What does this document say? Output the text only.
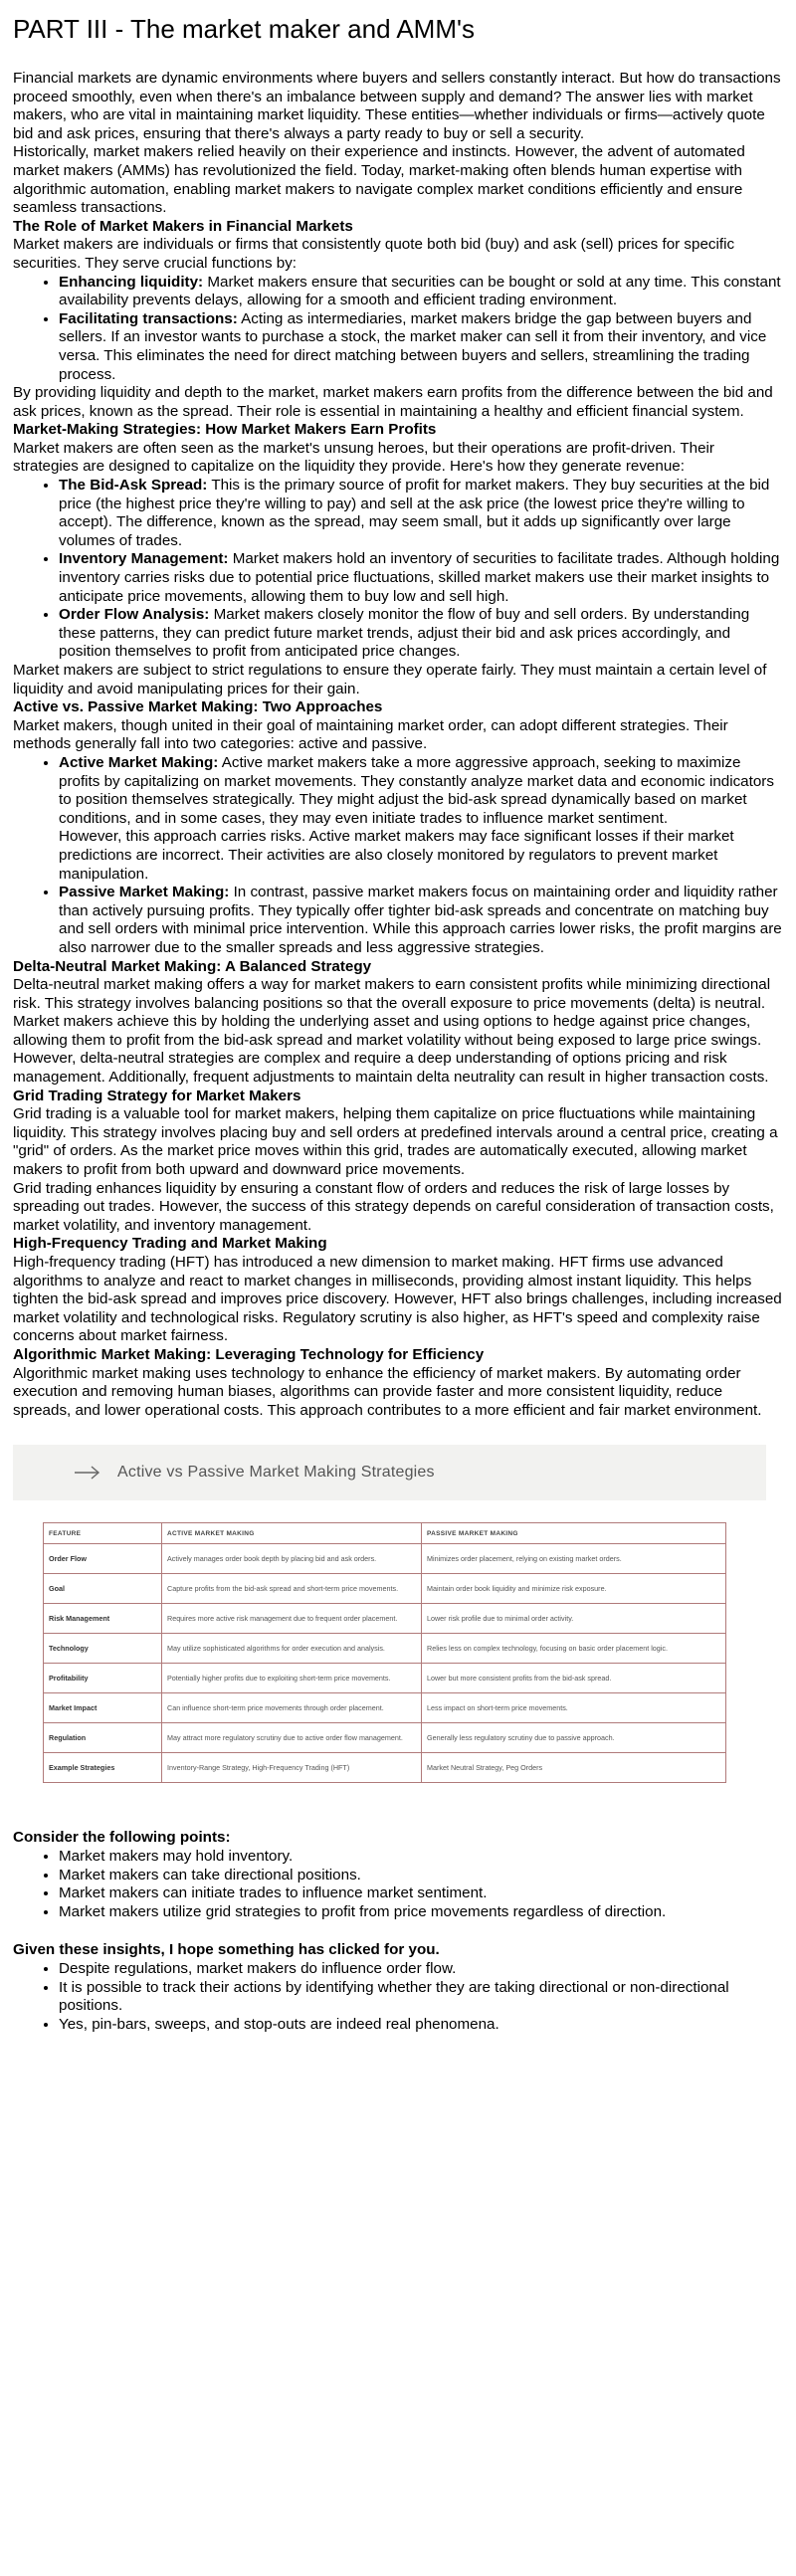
PART III - The market maker and AMM's

Financial markets are dynamic environments where buyers and sellers constantly interact. But how do transactions proceed smoothly, even when there's an imbalance between supply and demand? The answer lies with market makers, who are vital in maintaining market liquidity. These entities—whether individuals or firms—actively quote bid and ask prices, ensuring that there's always a party ready to buy or sell a security.

Historically, market makers relied heavily on their experience and instincts. However, the advent of automated market makers (AMMs) has revolutionized the field. Today, market-making often blends human expertise with algorithmic automation, enabling market makers to navigate complex market conditions efficiently and ensure seamless transactions.

The Role of Market Makers in Financial Markets

Market makers are individuals or firms that consistently quote both bid (buy) and ask (sell) prices for specific securities. They serve crucial functions by:

• Enhancing liquidity: Market makers ensure that securities can be bought or sold at any time. This constant availability prevents delays, allowing for a smooth and efficient trading environment.
• Facilitating transactions: Acting as intermediaries, market makers bridge the gap between buyers and sellers. If an investor wants to purchase a stock, the market maker can sell it from their inventory, and vice versa. This eliminates the need for direct matching between buyers and sellers, streamlining the trading process.

By providing liquidity and depth to the market, market makers earn profits from the difference between the bid and ask prices, known as the spread. Their role is essential in maintaining a healthy and efficient financial system.

Market-Making Strategies: How Market Makers Earn Profits

Market makers are often seen as the market's unsung heroes, but their operations are profit-driven. Their strategies are designed to capitalize on the liquidity they provide. Here's how they generate revenue:

• The Bid-Ask Spread: This is the primary source of profit for market makers. They buy securities at the bid price (the highest price they're willing to pay) and sell at the ask price (the lowest price they're willing to accept). The difference, known as the spread, may seem small, but it adds up significantly over large volumes of trades.
• Inventory Management: Market makers hold an inventory of securities to facilitate trades. Although holding inventory carries risks due to potential price fluctuations, skilled market makers use their market insights to anticipate price movements, allowing them to buy low and sell high.
• Order Flow Analysis: Market makers closely monitor the flow of buy and sell orders. By understanding these patterns, they can predict future market trends, adjust their bid and ask prices accordingly, and position themselves to profit from anticipated price changes.

Market makers are subject to strict regulations to ensure they operate fairly. They must maintain a certain level of liquidity and avoid manipulating prices for their gain.

Active vs. Passive Market Making: Two Approaches

Market makers, though united in their goal of maintaining market order, can adopt different strategies. Their methods generally fall into two categories: active and passive.

• Active Market Making: Active market makers take a more aggressive approach, seeking to maximize profits by capitalizing on market movements. They constantly analyze market data and economic indicators to position themselves strategically. They might adjust the bid-ask spread dynamically based on market conditions, and in some cases, they may even initiate trades to influence market sentiment.
However, this approach carries risks. Active market makers may face significant losses if their market predictions are incorrect. Their activities are also closely monitored by regulators to prevent market manipulation.
• Passive Market Making: In contrast, passive market makers focus on maintaining order and liquidity rather than actively pursuing profits. They typically offer tighter bid-ask spreads and concentrate on matching buy and sell orders with minimal price intervention. While this approach carries lower risks, the profit margins are also narrower due to the smaller spreads and less aggressive strategies.
Delta-Neutral Market Making: A Balanced Strategy

Delta-neutral market making offers a way for market makers to earn consistent profits while minimizing directional risk. This strategy involves balancing positions so that the overall exposure to price movements (delta) is neutral. Market makers achieve this by holding the underlying asset and using options to hedge against price changes, allowing them to profit from the bid-ask spread and market volatility without being exposed to large price swings.

However, delta-neutral strategies are complex and require a deep understanding of options pricing and risk management. Additionally, frequent adjustments to maintain delta neutrality can result in higher transaction costs.

Grid Trading Strategy for Market Makers

Grid trading is a valuable tool for market makers, helping them capitalize on price fluctuations while maintaining liquidity. This strategy involves placing buy and sell orders at predefined intervals around a central price, creating a "grid" of orders. As the market price moves within this grid, trades are automatically executed, allowing market makers to profit from both upward and downward price movements.

Grid trading enhances liquidity by ensuring a constant flow of orders and reduces the risk of large losses by spreading out trades. However, the success of this strategy depends on careful consideration of transaction costs, market volatility, and inventory management.

High-Frequency Trading and Market Making

High-frequency trading (HFT) has introduced a new dimension to market making. HFT firms use advanced algorithms to analyze and react to market changes in milliseconds, providing almost instant liquidity. This helps tighten the bid-ask spread and improves price discovery. However, HFT also brings challenges, including increased market volatility and technological risks. Regulatory scrutiny is also higher, as HFT's speed and complexity raise concerns about market fairness.

Algorithmic Market Making: Leveraging Technology for Efficiency

Algorithmic market making uses technology to enhance the efficiency of market makers. By automating order execution and removing human biases, algorithms can provide faster and more consistent liquidity, reduce spreads, and lower operational costs. This approach contributes to a more efficient and fair market environment.

Active vs Passive Market Making Strategies
FEATURE	ACTIVE MARKET MAKING	PASSIVE MARKET MAKING
Order Flow	Actively manages order book depth by placing bid and ask orders.	Minimizes order placement, relying on existing market orders.
Goal	Capture profits from the bid-ask spread and short-term price movements.	Maintain order book liquidity and minimize risk exposure.
Risk Management	Requires more active risk management due to frequent order placement.	Lower risk profile due to minimal order activity.
Technology	May utilize sophisticated algorithms for order execution and analysis.	Relies less on complex technology, focusing on basic order placement logic.
Profitability	Potentially higher profits due to exploiting short-term price movements.	Lower but more consistent profits from the bid-ask spread.
Market Impact	Can influence short-term price movements through order placement.	Less impact on short-term price movements.
Regulation	May attract more regulatory scrutiny due to active order flow management.	Generally less regulatory scrutiny due to passive approach.
Example Strategies	Inventory-Range Strategy, High-Frequency Trading (HFT)	Market Neutral Strategy, Peg Orders
Consider the following points:
• Market makers may hold inventory.
• Market makers can take directional positions.
• Market makers can initiate trades to influence market sentiment.
• Market makers utilize grid strategies to profit from price movements regardless of direction.
Given these insights, I hope something has clicked for you.
• Despite regulations, market makers do influence order flow.
• It is possible to track their actions by identifying whether they are taking directional or non-directional positions.
• Yes, pin-bars, sweeps, and stop-outs are indeed real phenomena.
